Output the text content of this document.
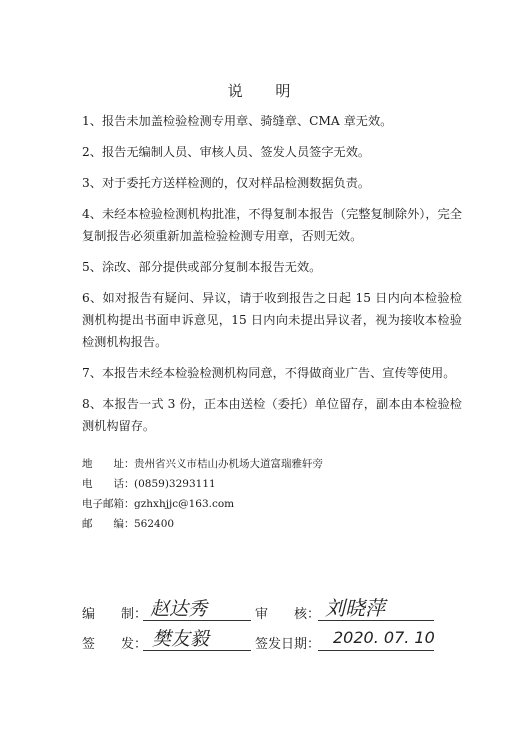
说 明
1、报告未加盖检验检测专用章、骑缝章、CMA 章无效。
2、报告无编制人员、审核人员、签发人员签字无效。
3、对于委托方送样检测的，仅对样品检测数据负责。
4、未经本检验检测机构批准，不得复制本报告（完整复制除外），完全复制报告必须重新加盖检验检测专用章，否则无效。
5、涂改、部分提供或部分复制本报告无效。
6、如对报告有疑问、异议，请于收到报告之日起 15 日内向本检验检测机构提出书面申诉意见，15 日内向未提出异议者，视为接收本检验检测机构报告。
7、本报告未经本检验检测机构同意，不得做商业广告、宣传等使用。
8、本报告一式 3 份，正本由送检（委托）单位留存，副本由本检验检测机构留存。
地　　址：贵州省兴义市桔山办机场大道富瑞雅轩旁
电　　话：(0859)3293111
电子邮箱：gzhxhjjc@163.com
邮　　编：562400
编　　制： 赵达秀	审　　核： 刘晓萍
签　　发： 樊友毅	签发日期： 2020. 07. 10
